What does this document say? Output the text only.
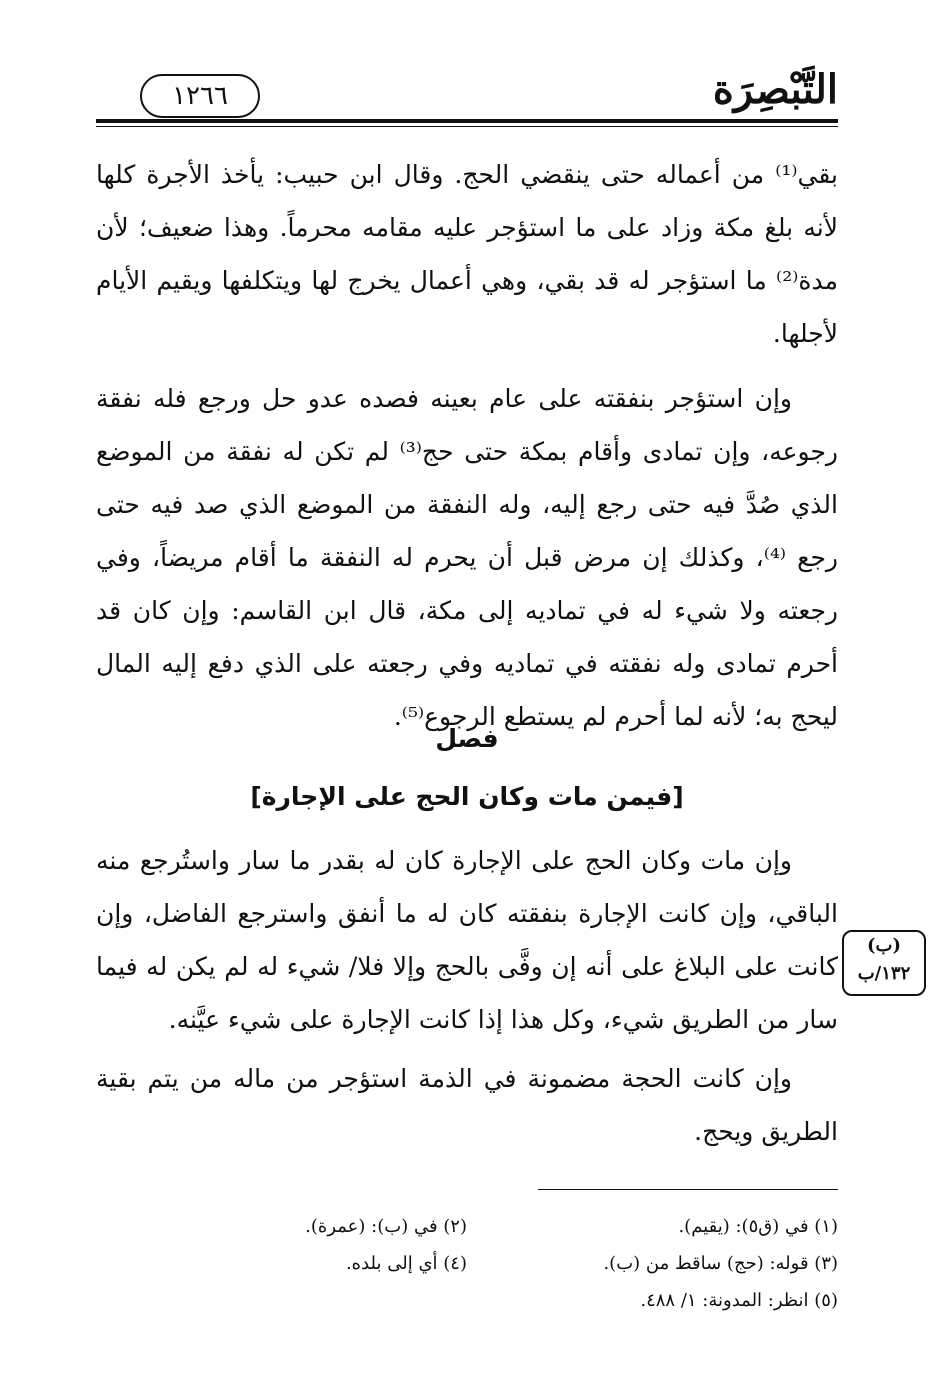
١٢٦٦	التَّبْصِرَة

بقي⁽¹⁾ من أعماله حتى ينقضي الحج. وقال ابن حبيب: يأخذ الأجرة كلها لأنه بلغ مكة وزاد على ما استؤجر عليه مقامه محرماً. وهذا ضعيف؛ لأن مدة⁽²⁾ ما استؤجر له قد بقي، وهي أعمال يخرج لها ويتكلفها ويقيم الأيام لأجلها.

وإن استؤجر بنفقته على عام بعينه فصده عدو حل ورجع فله نفقة رجوعه، وإن تمادى وأقام بمكة حتى حج⁽³⁾ لم تكن له نفقة من الموضع الذي صُدَّ فيه حتى رجع إليه، وله النفقة من الموضع الذي صد فيه حتى رجع ⁽⁴⁾، وكذلك إن مرض قبل أن يحرم له النفقة ما أقام مريضاً، وفي رجعته ولا شيء له في تماديه إلى مكة، قال ابن القاسم: وإن كان قد أحرم تمادى وله نفقته في تماديه وفي رجعته على الذي دفع إليه المال ليحج به؛ لأنه لما أحرم لم يستطع الرجوع⁽⁵⁾.

فصل
[فيمن مات وكان الحج على الإجارة]

وإن مات وكان الحج على الإجارة كان له بقدر ما سار واستُرجع منه الباقي، وإن كانت الإجارة بنفقته كان له ما أنفق واسترجع الفاضل، وإن كانت على البلاغ على أنه إن وفَّى بالحج وإلا فلا/ شيء له لم يكن له فيما سار من الطريق شيء، وكل هذا إذا كانت الإجارة على شيء عيَّنه.

وإن كانت الحجة مضمونة في الذمة استؤجر من ماله من يتم بقية الطريق ويحج.

(ب)
١٣٢/ب
(١) في (ق٥): (يقيم).
(٢) في (ب): (عمرة).
(٣) قوله: (حج) ساقط من (ب).
(٤) أي إلى بلده.
(٥) انظر: المدونة: ١/ ٤٨٨.
